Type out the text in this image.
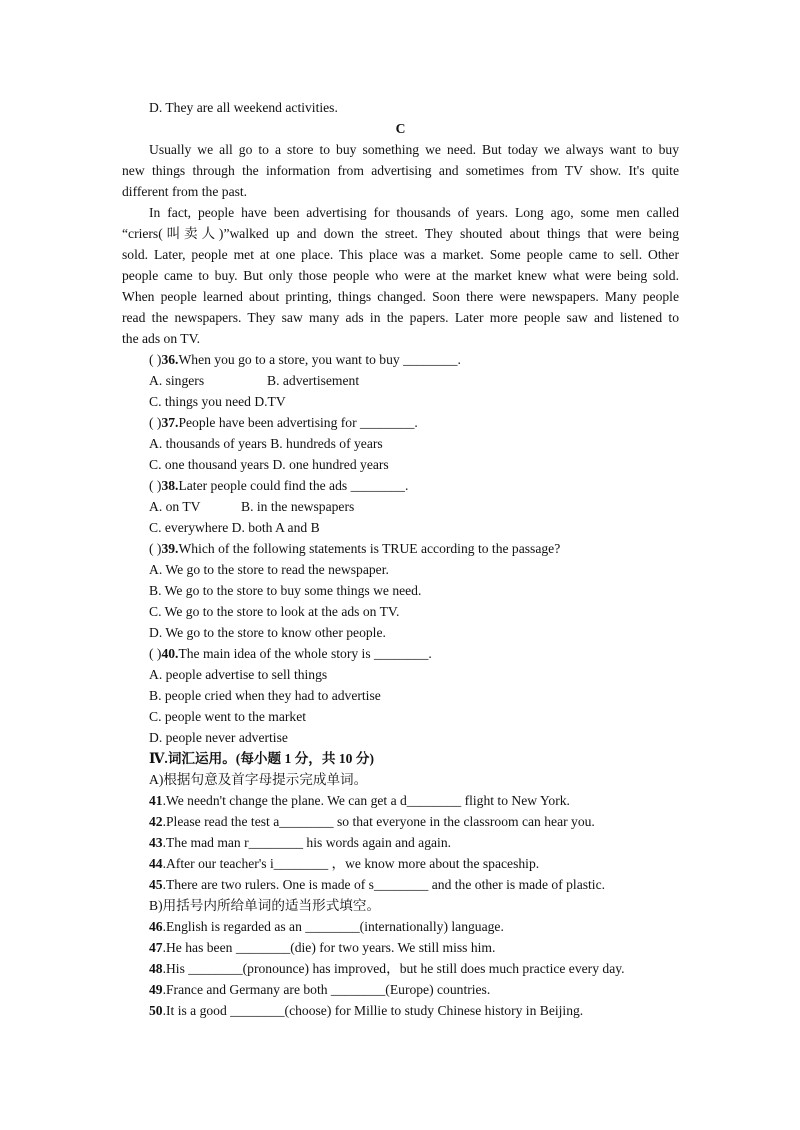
D. They are all weekend activities.
C
Usually we all go to a store to buy something we need. But today we always want to buy
new things through the information from advertising and sometimes from TV show. It's quite
different from the past.
In fact, people have been advertising for thousands of years. Long ago, some men called
“criers(叫卖人)”walked up and down the street. They shouted about things that were being
sold. Later, people met at one place. This place was a market. Some people came to sell. Other
people came to buy. But only those people who were at the market knew what were being sold.
When people learned about printing, things changed. Soon there were newspapers. Many people
read the newspapers. They saw many ads in the papers. Later more people saw and listened to
the ads on TV.
( )36.When you go to a store, you want to buy ________.
A. singers	B. advertisement
C. things you need D.TV
( )37.People have been advertising for ________.
A. thousands of years B. hundreds of years
C. one thousand years D. one hundred years
( )38.Later people could find the ads ________.
A. on TV	B. in the newspapers
C. everywhere D. both A and B
( )39.Which of the following statements is TRUE according to the passage?
A. We go to the store to read the newspaper.
B. We go to the store to buy some things we need.
C. We go to the store to look at the ads on TV.
D. We go to the store to know other people.
( )40.The main idea of the whole story is ________.
A. people advertise to sell things
B. people cried when they had to advertise
C. people went to the market
D. people never advertise
Ⅳ.词汇运用。(每小题 1 分，共 10 分)
A)根据句意及首字母提示完成单词。
41.We needn't change the plane. We can get a d________ flight to New York.
42.Please read the test a________ so that everyone in the classroom can hear you.
43.The mad man r________ his words again and again.
44.After our teacher's i________ ，we know more about the spaceship.
45.There are two rulers. One is made of s________ and the other is made of plastic.
B)用括号内所给单词的适当形式填空。
46.English is regarded as an ________(internationally) language.
47.He has been ________(die) for two years. We still miss him.
48.His ________(pronounce) has improved，but he still does much practice every day.
49.France and Germany are both ________(Europe) countries.
50.It is a good ________(choose) for Millie to study Chinese history in Beijing.
